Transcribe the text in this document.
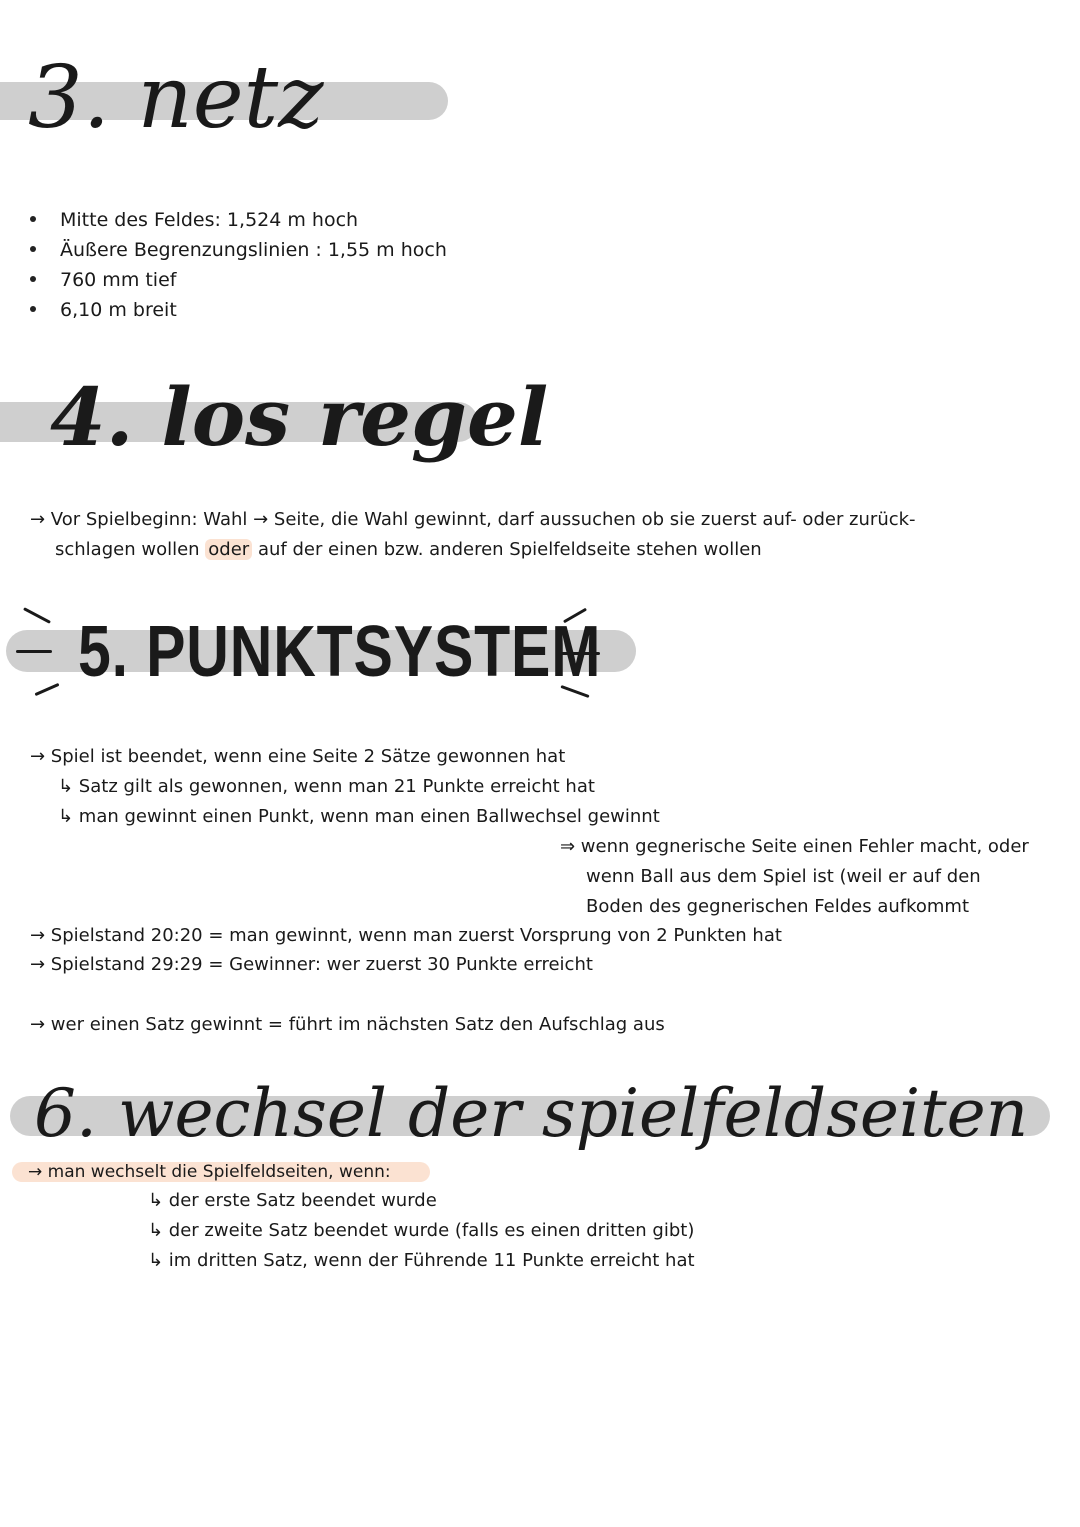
3. netz
Mitte des Feldes: 1,524 m hoch
Äußere Begrenzungslinien : 1,55 m hoch
760 mm tief
6,10 m breit
4. los regel
→ Vor Spielbeginn: Wahl → Seite, die Wahl gewinnt, darf aussuchen ob sie zuerst auf- oder zurück-
schlagen wollen oder auf der einen bzw. anderen Spielfeldseite stehen wollen
5. PUNKTSYSTEM
→ Spiel ist beendet, wenn eine Seite 2 Sätze gewonnen hat
↳ Satz gilt als gewonnen, wenn man 21 Punkte erreicht hat
↳ man gewinnt einen Punkt, wenn man einen Ballwechsel gewinnt
⇒ wenn gegnerische Seite einen Fehler macht, oder
wenn Ball aus dem Spiel ist (weil er auf den
Boden des gegnerischen Feldes aufkommt
→ Spielstand 20:20 = man gewinnt, wenn man zuerst Vorsprung von 2 Punkten hat
→ Spielstand 29:29 = Gewinner: wer zuerst 30 Punkte erreicht
→ wer einen Satz gewinnt = führt im nächsten Satz den Aufschlag aus
6. wechsel der spielfeldseiten
→ man wechselt die Spielfeldseiten, wenn:
↳ der erste Satz beendet wurde
↳ der zweite Satz beendet wurde (falls es einen dritten gibt)
↳ im dritten Satz, wenn der Führende 11 Punkte erreicht hat
